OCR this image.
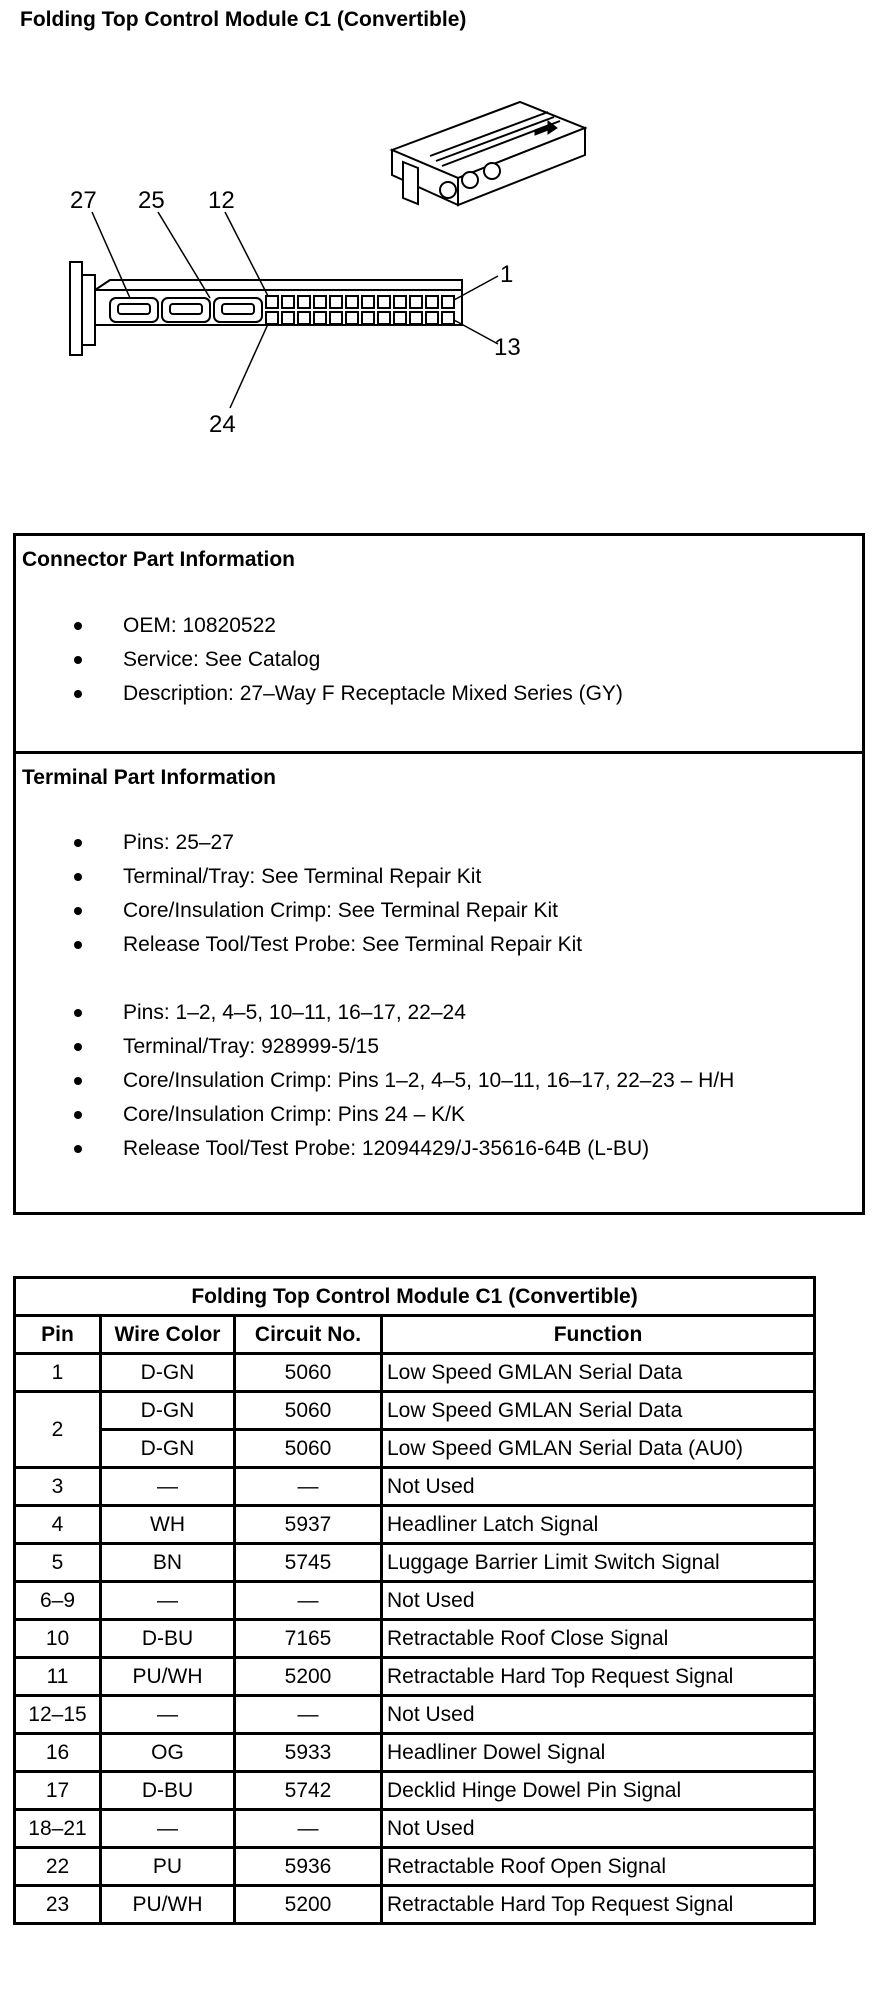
Folding Top Control Module C1 (Convertible)
27 25 12
1
13
24
Connector Part Information
OEM: 10820522
Service: See Catalog
Description: 27–Way F Receptacle Mixed Series (GY)
Terminal Part Information
Pins: 25–27
Terminal/Tray: See Terminal Repair Kit
Core/Insulation Crimp: See Terminal Repair Kit
Release Tool/Test Probe: See Terminal Repair Kit
Pins: 1–2, 4–5, 10–11, 16–17, 22–24
Terminal/Tray: 928999-5/15
Core/Insulation Crimp: Pins 1–2, 4–5, 10–11, 16–17, 22–23 – H/H
Core/Insulation Crimp: Pins 24 – K/K
Release Tool/Test Probe: 12094429/J-35616-64B (L-BU)
Folding Top Control Module C1 (Convertible)			
Pin	Wire Color	Circuit No.	Function
1	D-GN	5060	Low Speed GMLAN Serial Data
2	D-GN	5060	Low Speed GMLAN Serial Data
	D-GN	5060	Low Speed GMLAN Serial Data (AU0)
3	—	—	Not Used
4	WH	5937	Headliner Latch Signal
5	BN	5745	Luggage Barrier Limit Switch Signal
6–9	—	—	Not Used
10	D-BU	7165	Retractable Roof Close Signal
11	PU/WH	5200	Retractable Hard Top Request Signal
12–15	—	—	Not Used
16	OG	5933	Headliner Dowel Signal
17	D-BU	5742	Decklid Hinge Dowel Pin Signal
18–21	—	—	Not Used
22	PU	5936	Retractable Roof Open Signal
23	PU/WH	5200	Retractable Hard Top Request Signal
